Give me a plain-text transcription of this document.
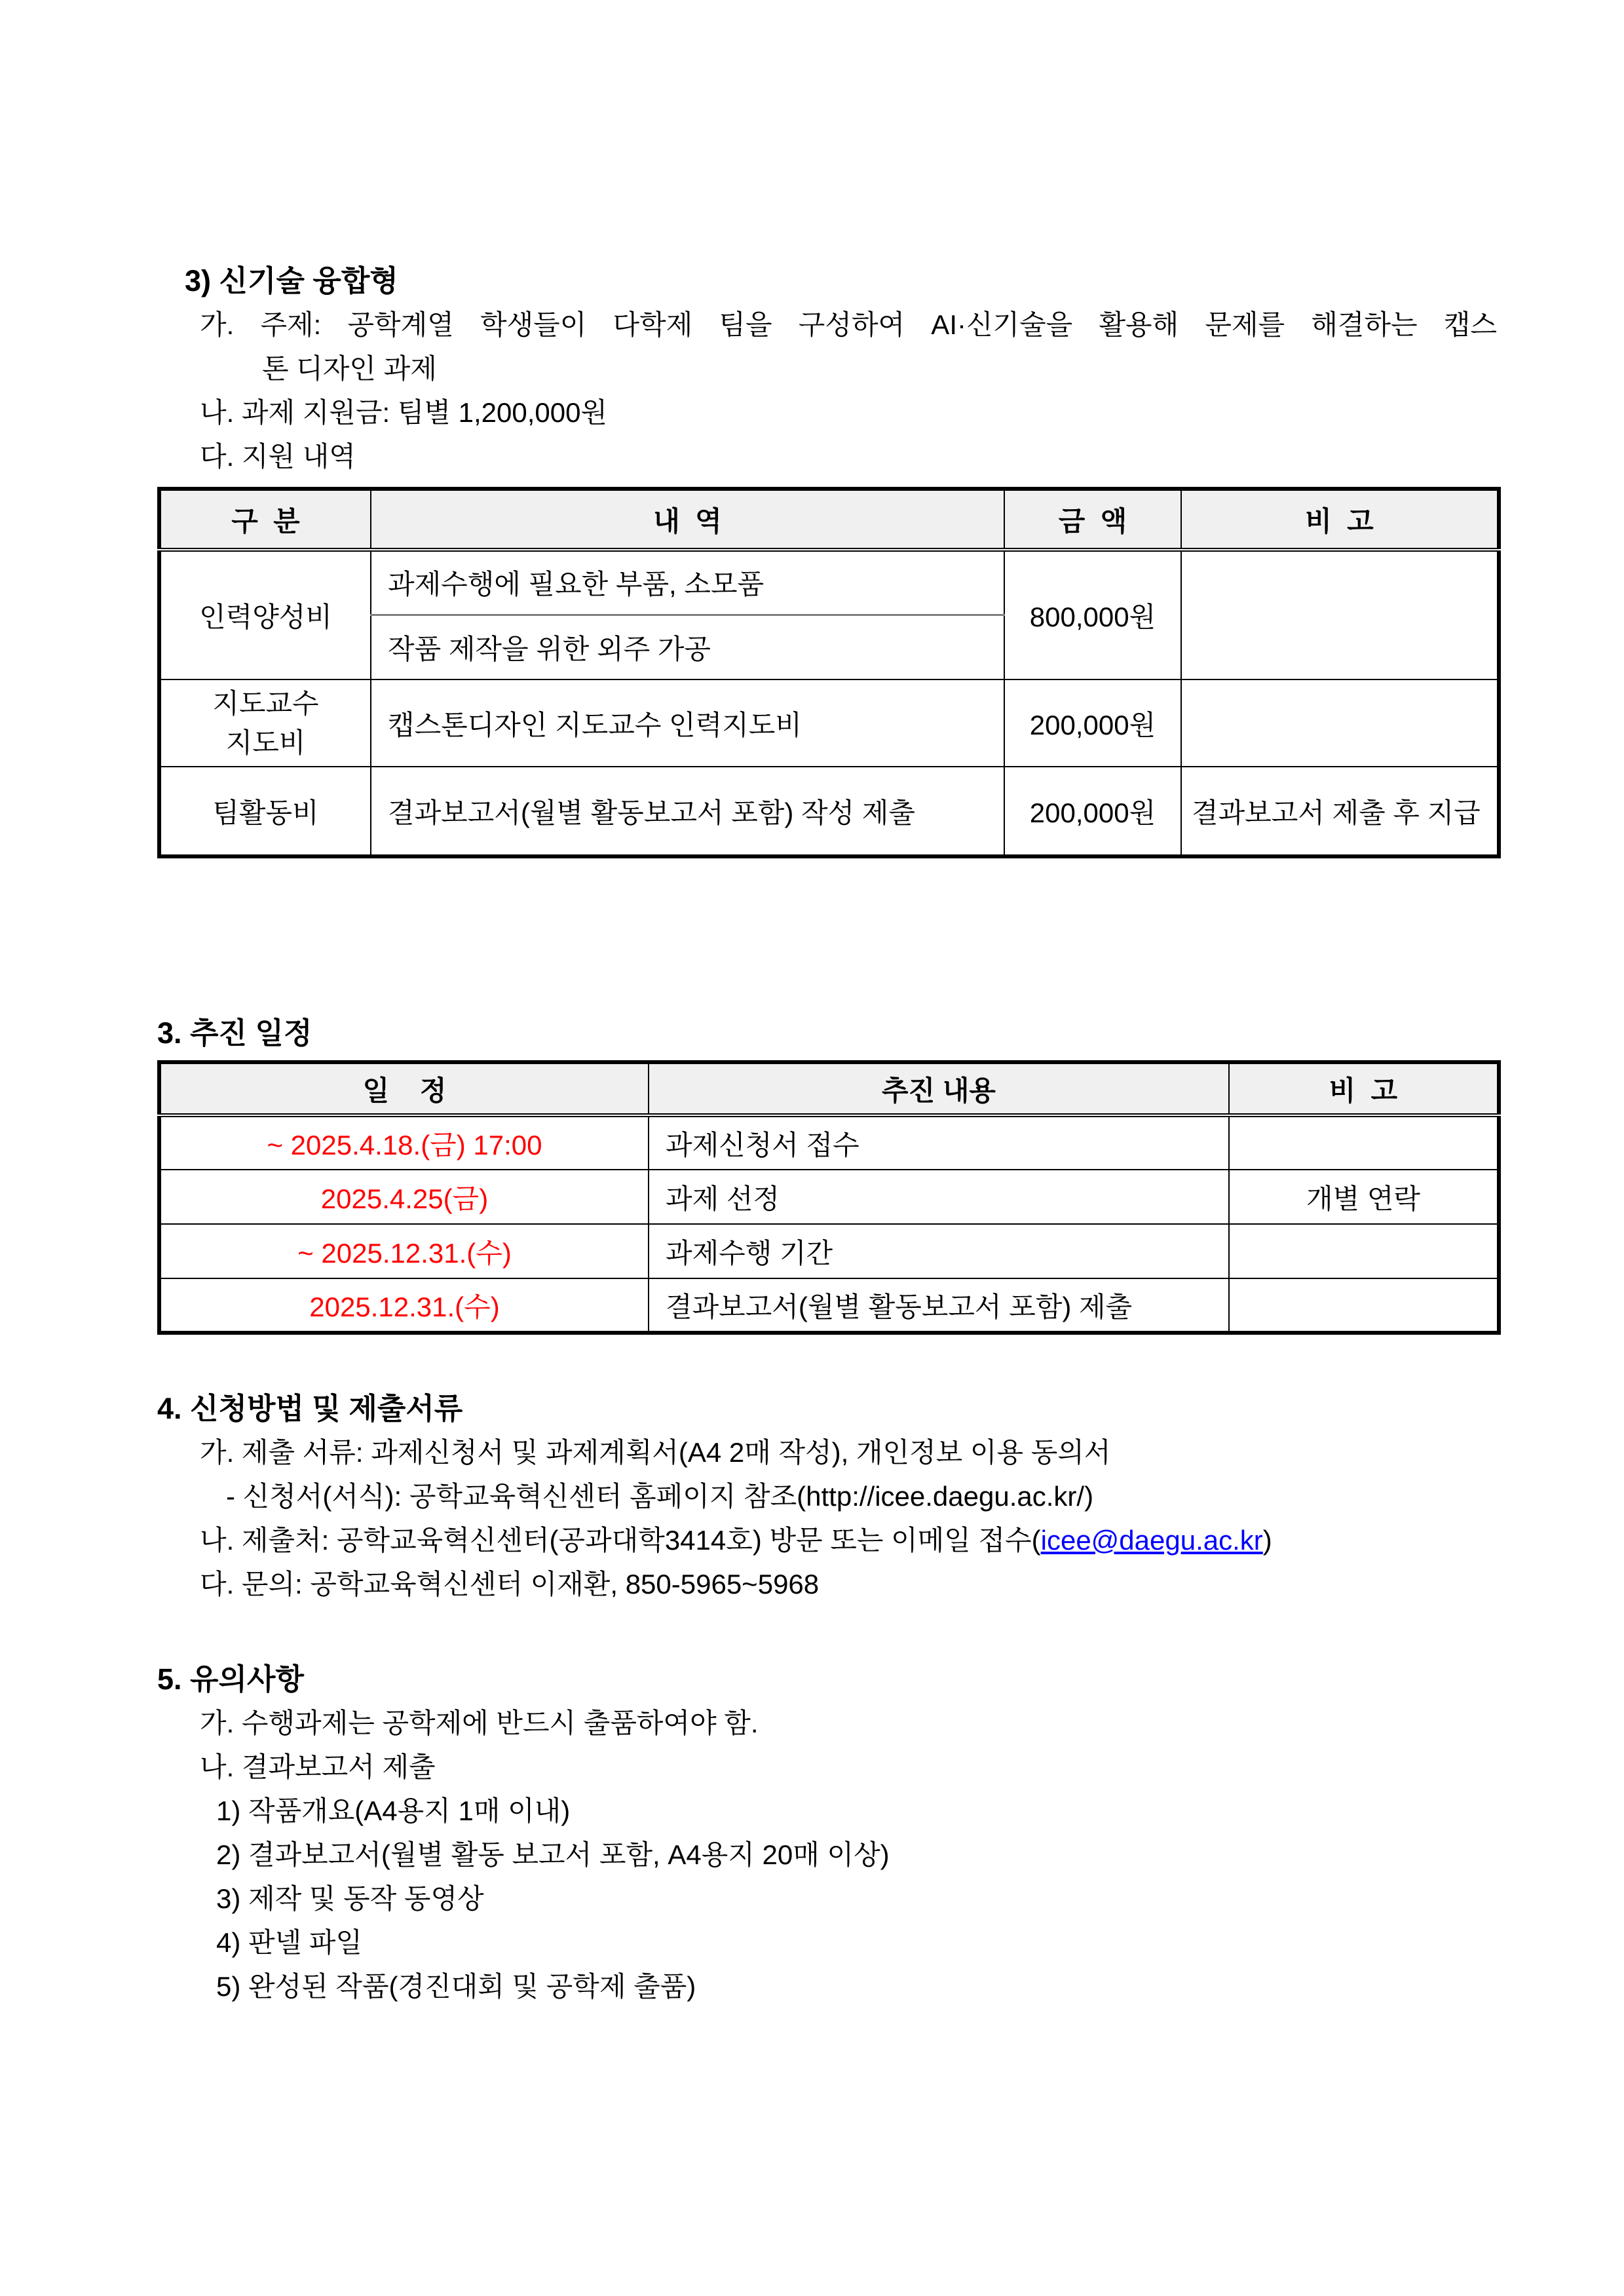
3) 신기술 융합형
가. 주제: 공학계열 학생들이 다학제 팀을 구성하여 AI·신기술을 활용해 문제를 해결하는 캡스
톤 디자인 과제
나. 과제 지원금: 팀별 1,200,000원
다. 지원 내역
구  분	내  역	금  액	비  고
인력양성비	과제수행에 필요한 부품, 소모품	800,000원	
	작품 제작을 위한 외주 가공		

지도교수
지도비	캡스톤디자인 지도교수 인력지도비	200,000원	
팀활동비	결과보고서(월별 활동보고서 포함) 작성 제출	200,000원	결과보고서 제출 후 지급
3. 추진 일정
일    정	추진 내용	비  고
~ 2025.4.18.(금) 17:00	과제신청서 접수	
2025.4.25(금)	과제 선정	개별 연락
~ 2025.12.31.(수)	과제수행 기간	
2025.12.31.(수)	결과보고서(월별 활동보고서 포함) 제출	
4. 신청방법 및 제출서류
가. 제출 서류: 과제신청서 및 과제계획서(A4 2매 작성), 개인정보 이용 동의서
- 신청서(서식): 공학교육혁신센터 홈페이지 참조(http://icee.daegu.ac.kr/)
나. 제출처: 공학교육혁신센터(공과대학3414호) 방문 또는 이메일 접수(icee@daegu.ac.kr)
다. 문의: 공학교육혁신센터 이재환, 850-5965~5968
5. 유의사항
가. 수행과제는 공학제에 반드시 출품하여야 함.
나. 결과보고서 제출
1) 작품개요(A4용지 1매 이내)
2) 결과보고서(월별 활동 보고서 포함, A4용지 20매 이상)
3) 제작 및 동작 동영상
4) 판넬 파일
5) 완성된 작품(경진대회 및 공학제 출품)
